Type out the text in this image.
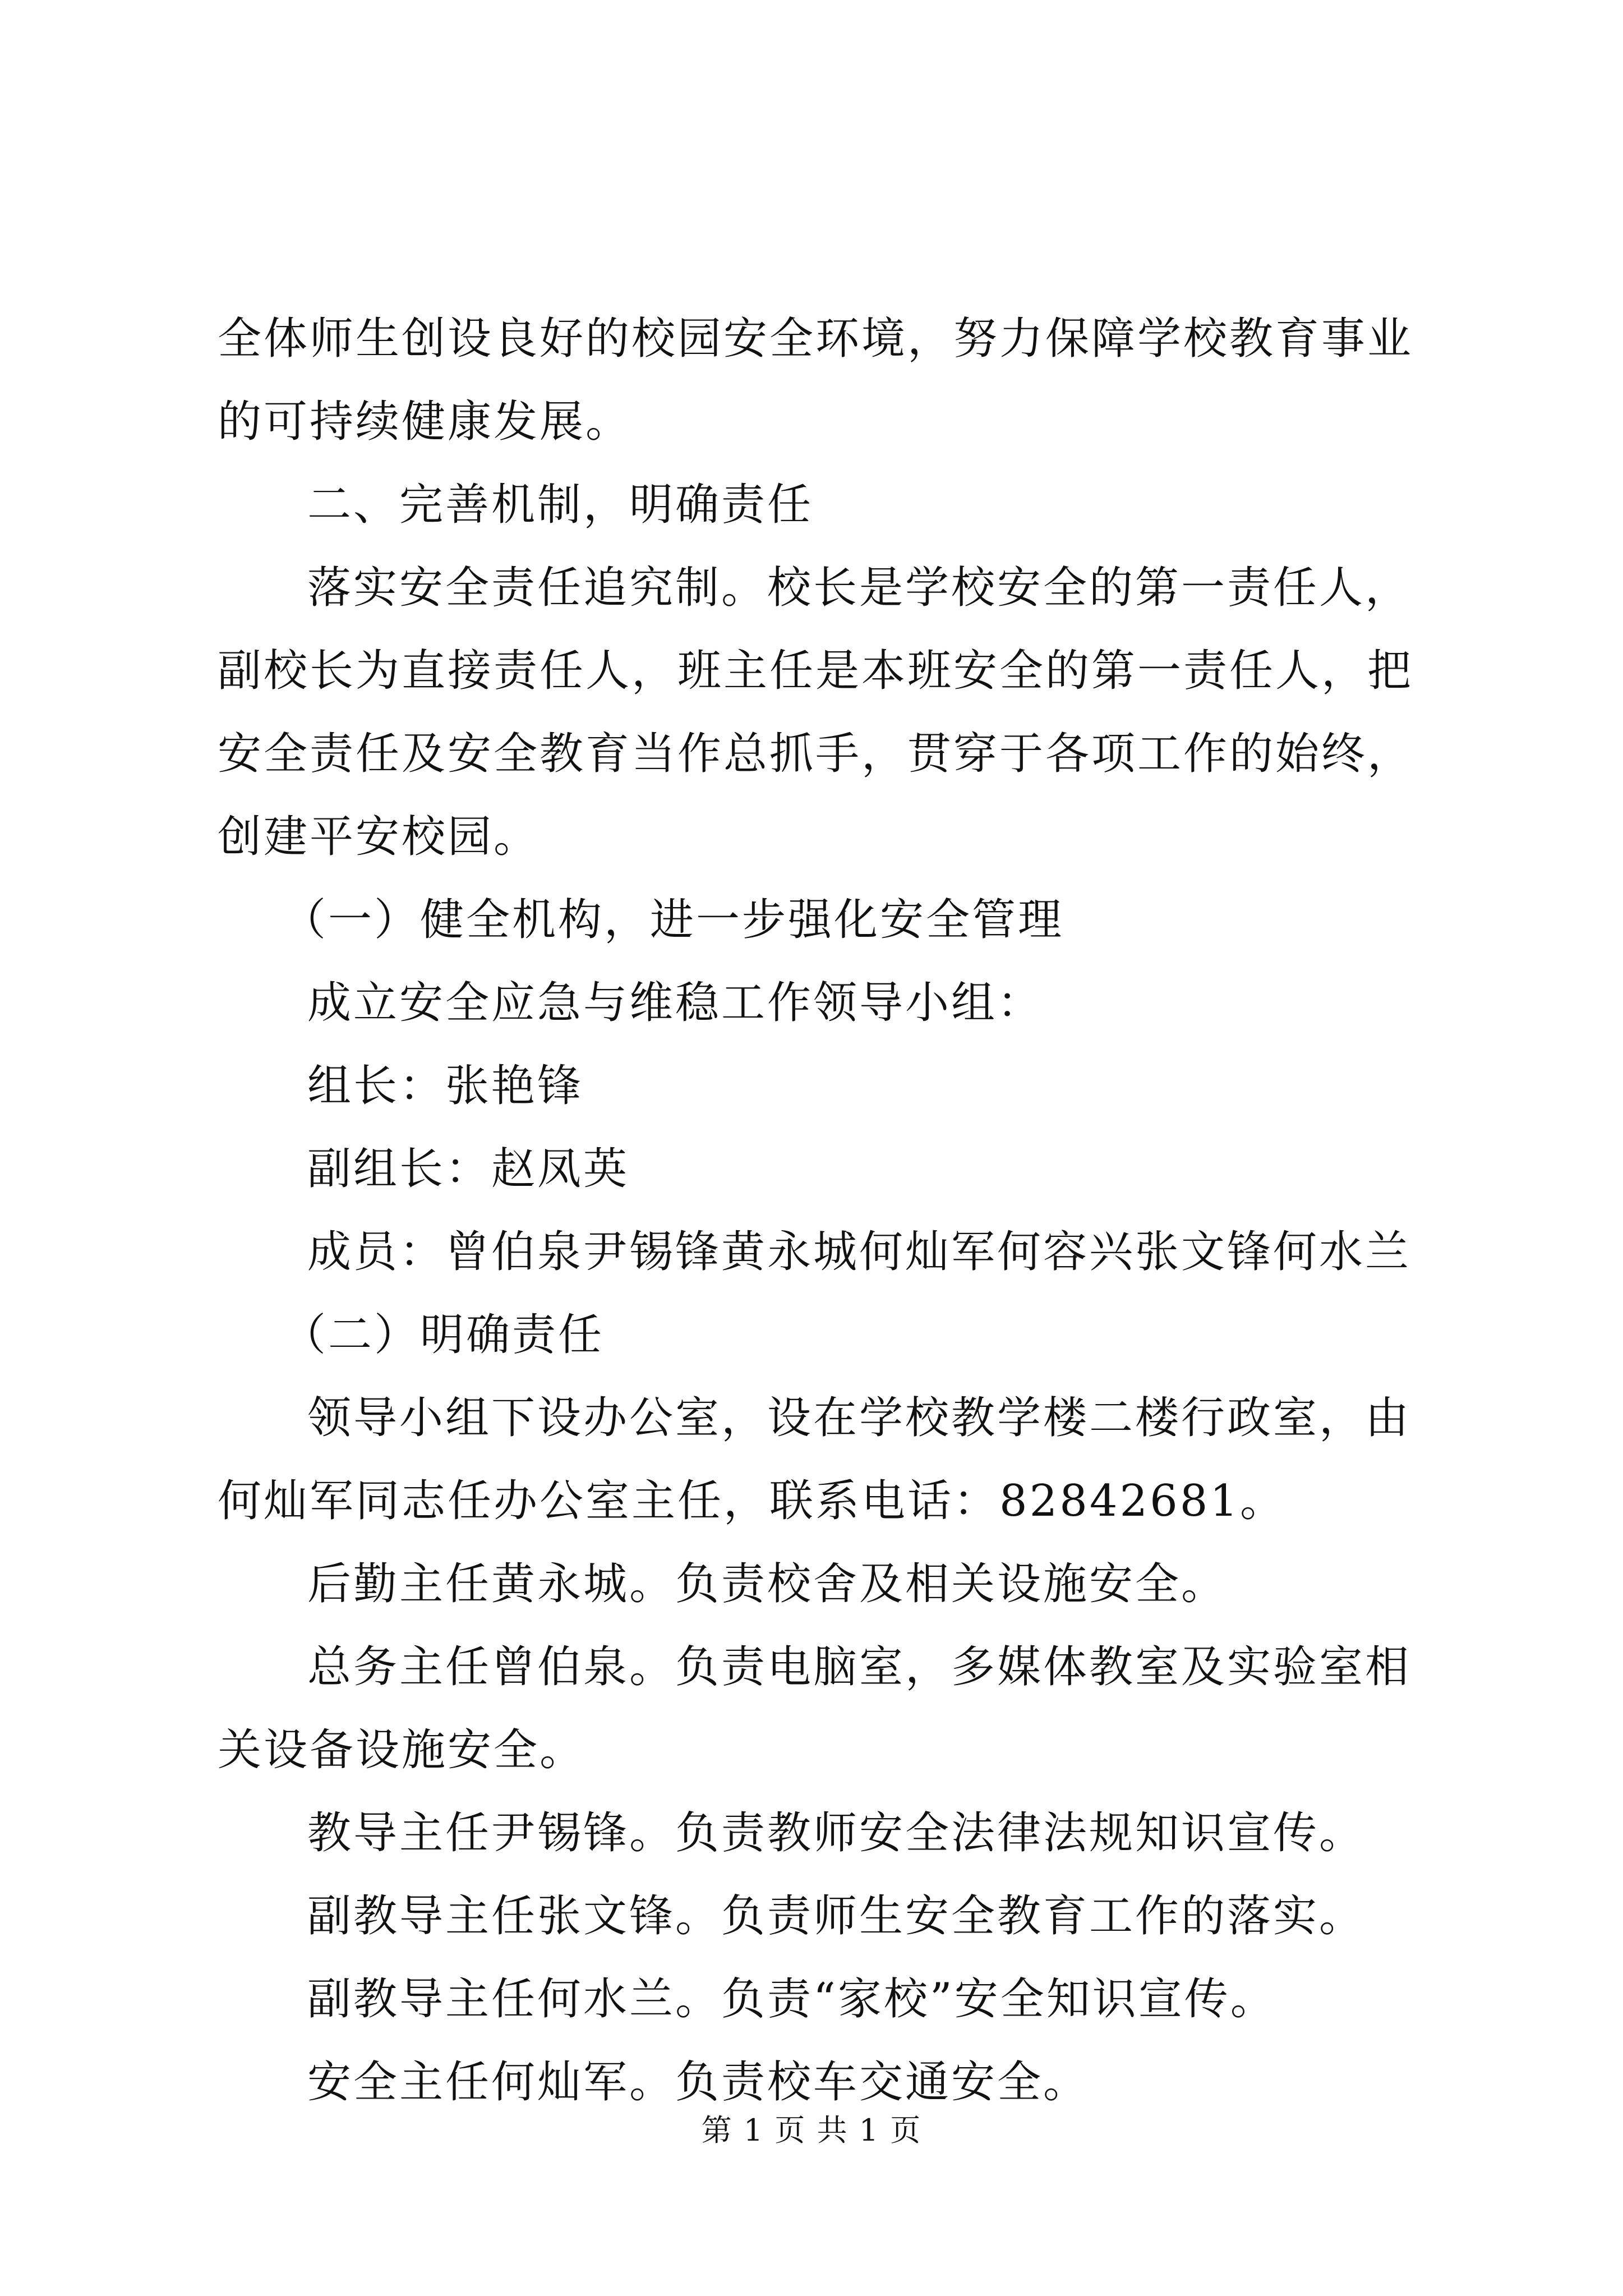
全体师生创设良好的校园安全环境，努力保障学校教育事业的可持续健康发展。

二、完善机制，明确责任

落实安全责任追究制。校长是学校安全的第一责任人，副校长为直接责任人，班主任是本班安全的第一责任人，把安全责任及安全教育当作总抓手，贯穿于各项工作的始终，创建平安校园。

（一）健全机构，进一步强化安全管理

成立安全应急与维稳工作领导小组：

组长：张艳锋

副组长：赵凤英

成员：曾伯泉尹锡锋黄永城何灿军何容兴张文锋何水兰

（二）明确责任

领导小组下设办公室，设在学校教学楼二楼行政室，由何灿军同志任办公室主任，联系电话：82842681。

后勤主任黄永城。负责校舍及相关设施安全。

总务主任曾伯泉。负责电脑室，多媒体教室及实验室相关设备设施安全。

教导主任尹锡锋。负责教师安全法律法规知识宣传。

副教导主任张文锋。负责师生安全教育工作的落实。

副教导主任何水兰。负责“家校”安全知识宣传。

安全主任何灿军。负责校车交通安全。

第 1 页 共 1 页
